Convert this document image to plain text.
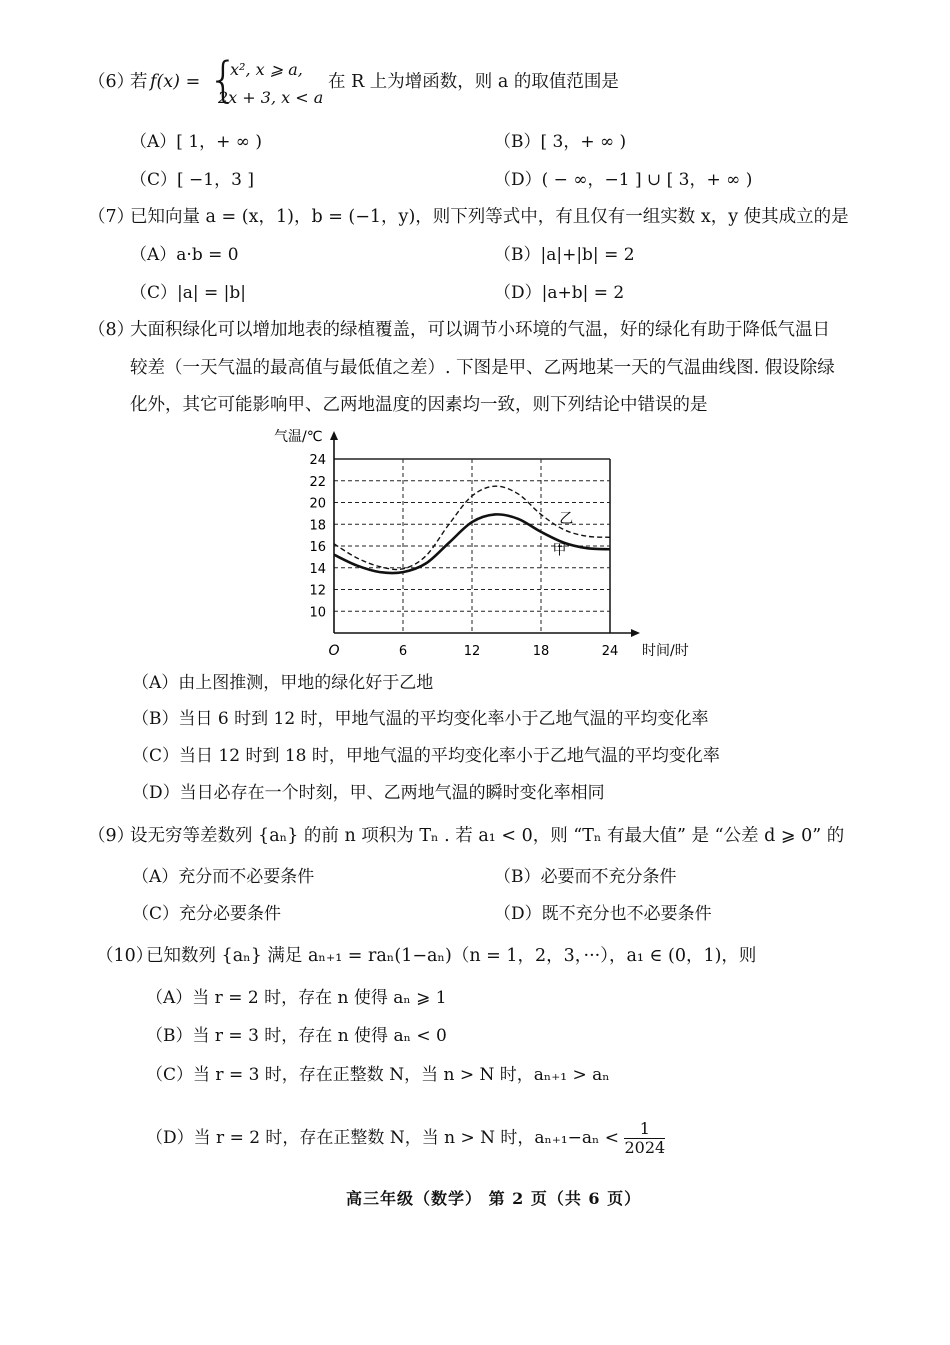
（6）
若 f(x) = {
x², x ⩾ a,
2x + 3, x < a
在 R 上为增函数，则 a 的取值范围是
（A）[ 1，+ ∞ )	（B）[ 3，+ ∞ )
（C）[ −1，3 ]	（D）( − ∞，−1 ] ∪ [ 3，+ ∞ )
（7）
已知向量 a = (x，1)，b = (−1，y)，则下列等式中，有且仅有一组实数 x，y 使其成立的是
（A）a·b = 0	（B）|a|+|b| = 2
（C）|a| = |b|	（D）|a+b| = 2
（8）
大面积绿化可以增加地表的绿植覆盖，可以调节小环境的气温，好的绿化有助于降低气温日
较差（一天气温的最高值与最低值之差）. 下图是甲、乙两地某一天的气温曲线图. 假设除绿
化外，其它可能影响甲、乙两地温度的因素均一致，则下列结论中错误的是
10
12
14
16
18
20
22
24
6	12	18	24
气温/℃
时间/时
O
乙
甲
（A）由上图推测，甲地的绿化好于乙地
（B）当日 6 时到 12 时，甲地气温的平均变化率小于乙地气温的平均变化率
（C）当日 12 时到 18 时，甲地气温的平均变化率小于乙地气温的平均变化率
（D）当日必存在一个时刻，甲、乙两地气温的瞬时变化率相同
（9）
设无穷等差数列 {aₙ} 的前 n 项积为 Tₙ . 若 a₁ < 0，则 “Tₙ 有最大值” 是 “公差 d ⩾ 0” 的
（A）充分而不必要条件	（B）必要而不充分条件
（C）充分必要条件	（D）既不充分也不必要条件
（10）
已知数列 {aₙ} 满足 aₙ₊₁ = raₙ(1−aₙ)（n = 1，2，3，···），a₁ ∈ (0，1)，则
（A）当 r = 2 时，存在 n 使得 aₙ ⩾ 1
（B）当 r = 3 时，存在 n 使得 aₙ < 0
（C）当 r = 3 时，存在正整数 N，当 n > N 时，aₙ₊₁ > aₙ
（D）当 r = 2 时，存在正整数 N，当 n > N 时，$a_{n+1}-a_n < \frac{1}{2024}$
高三年级（数学） 第 2 页（共 6 页）
